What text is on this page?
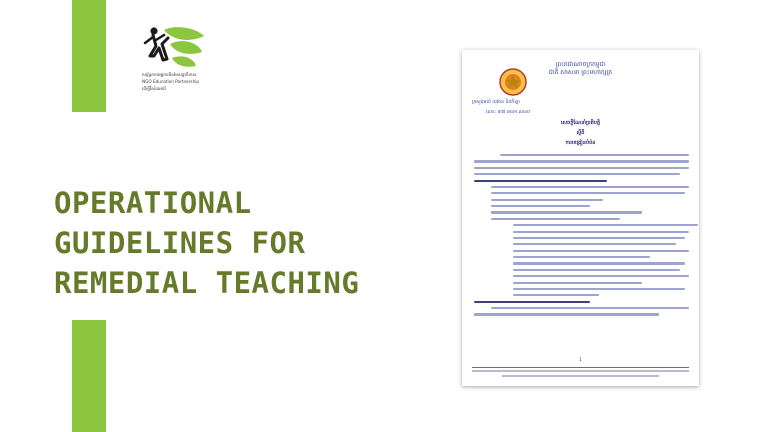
សម្ព័ន្ធភាពអង្គការមិនមែនរដ្ឋាភិបាល
NGO Education Partnership
ដើម្បីវិស័យអប់រំ
OPERATIONAL GUIDELINES FOR REMEDIAL TEACHING
ព្រះរាជាណាចក្រកម្ពុជា
ជាតិ សាសនា ព្រះមហាក្សត្រ
ក្រសួងអប់រំ យុវជន និងកីឡា
លេខ: ៣៧ អយក.ណនព
សេចក្តីណែនាំប្រតិបត្តិ
ស្តីពី
ការបង្រៀនបំប៉ន
1
